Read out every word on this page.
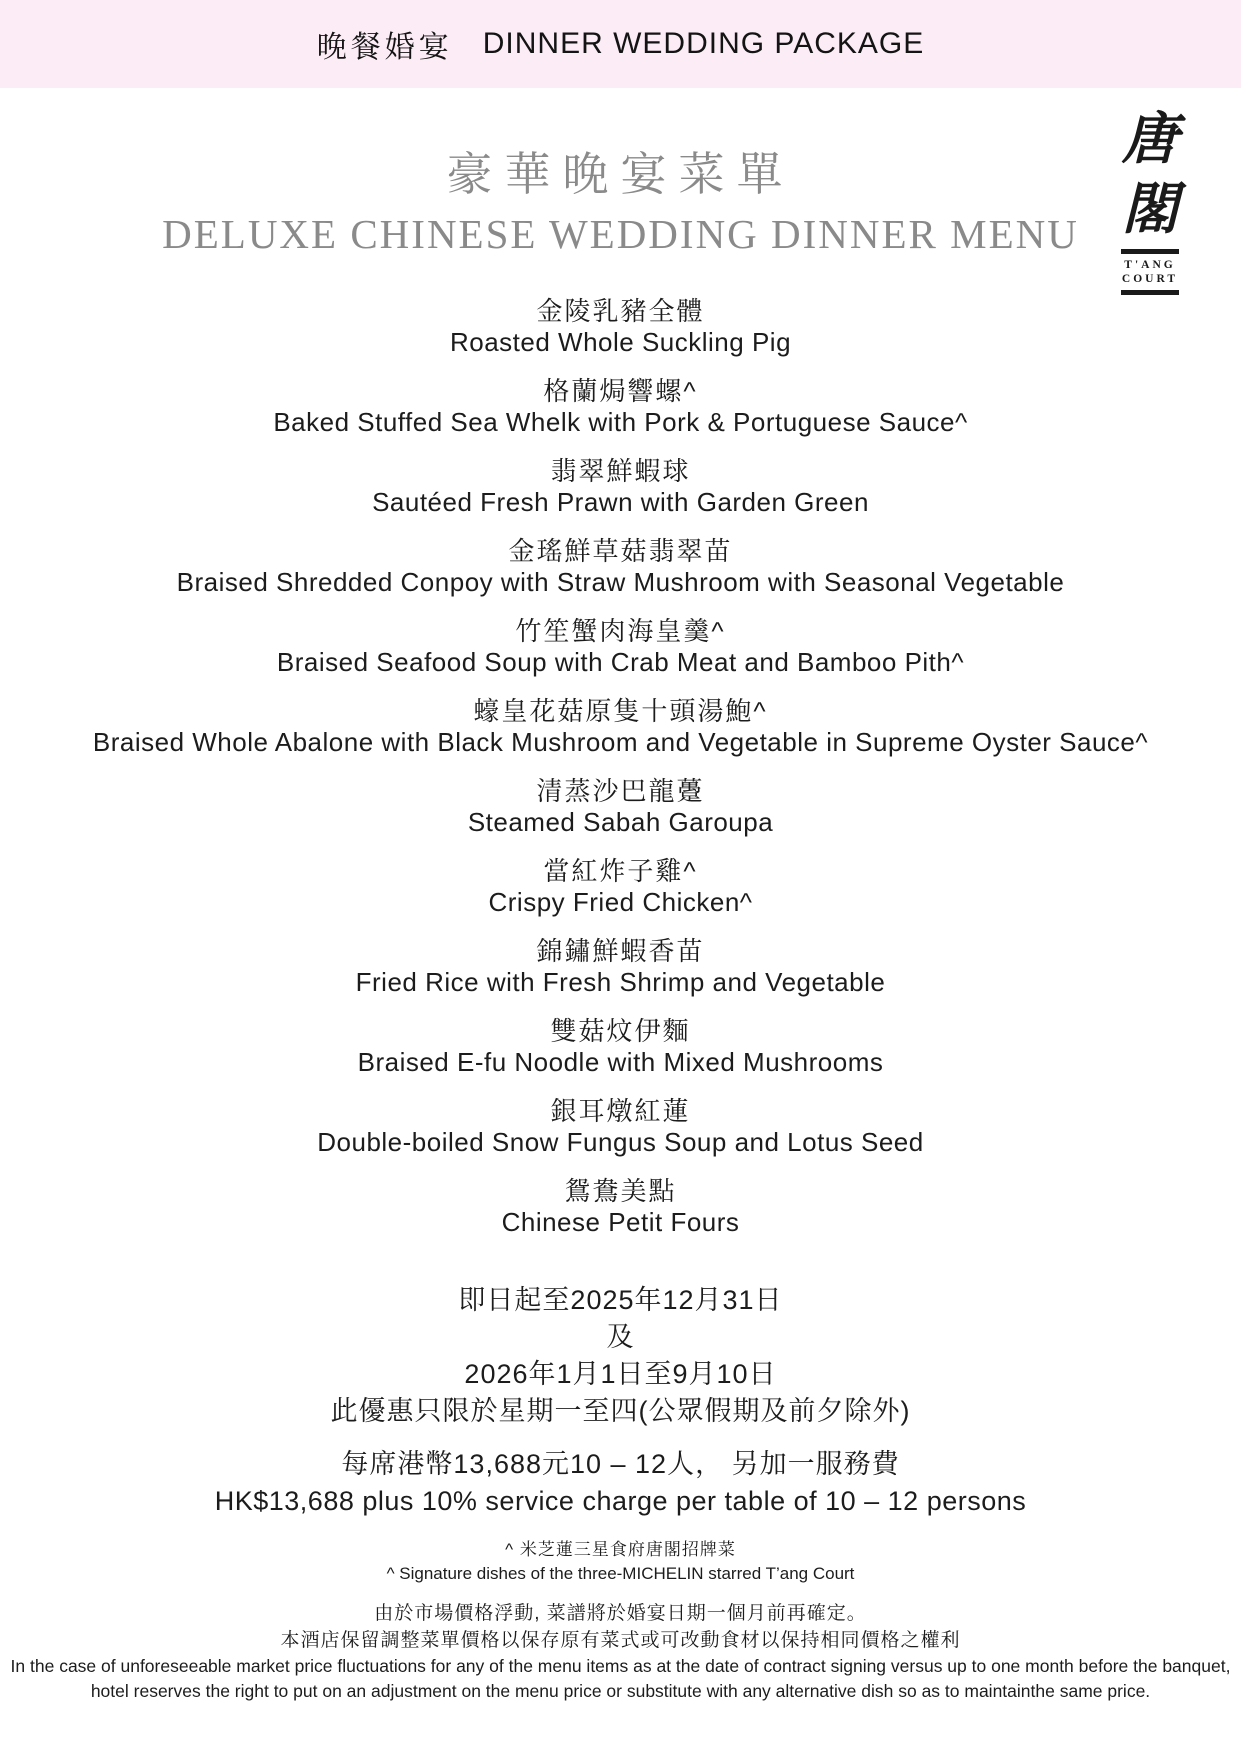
晚餐婚宴 DINNER WEDDING PACKAGE
唐
閣
T'ANG
COURT
豪華晚宴菜單
DELUXE CHINESE WEDDING DINNER MENU

金陵乳豬全體

Roasted Whole Suckling Pig

格蘭焗響螺^

Baked Stuffed Sea Whelk with Pork & Portuguese Sauce^

翡翠鮮蝦球

Sautéed Fresh Prawn with Garden Green

金瑤鮮草菇翡翠苗

Braised Shredded Conpoy with Straw Mushroom with Seasonal Vegetable

竹笙蟹肉海皇羹^

Braised Seafood Soup with Crab Meat and Bamboo Pith^

蠔皇花菇原隻十頭湯鮑^

Braised Whole Abalone with Black Mushroom and Vegetable in Supreme Oyster Sauce^

清蒸沙巴龍躉

Steamed Sabah Garoupa

當紅炸子雞^

Crispy Fried Chicken^

錦鏽鮮蝦香苗

Fried Rice with Fresh Shrimp and Vegetable

雙菇炆伊麵

Braised E-fu Noodle with Mixed Mushrooms

銀耳燉紅蓮

Double-boiled Snow Fungus Soup and Lotus Seed

鴛鴦美點

Chinese Petit Fours

即日起至2025年12月31日

及

2026年1月1日至9月10日

此優惠只限於星期一至四(公眾假期及前夕除外)

每席港幣13,688元10 – 12人， 另加一服務費

HK$13,688 plus 10% service charge per table of 10 – 12 persons

^ 米芝蓮三星食府唐閣招牌菜

^ Signature dishes of the three-MICHELIN starred T’ang Court

由於市場價格浮動, 菜譜將於婚宴日期一個月前再確定。

本酒店保留調整菜單價格以保存原有菜式或可改動食材以保持相同價格之權利

In the case of unforeseeable market price fluctuations for any of the menu items as at the date of contract signing versus up to one month before the banquet,

hotel reserves the right to put on an adjustment on the menu price or substitute with any alternative dish so as to maintainthe same price.
